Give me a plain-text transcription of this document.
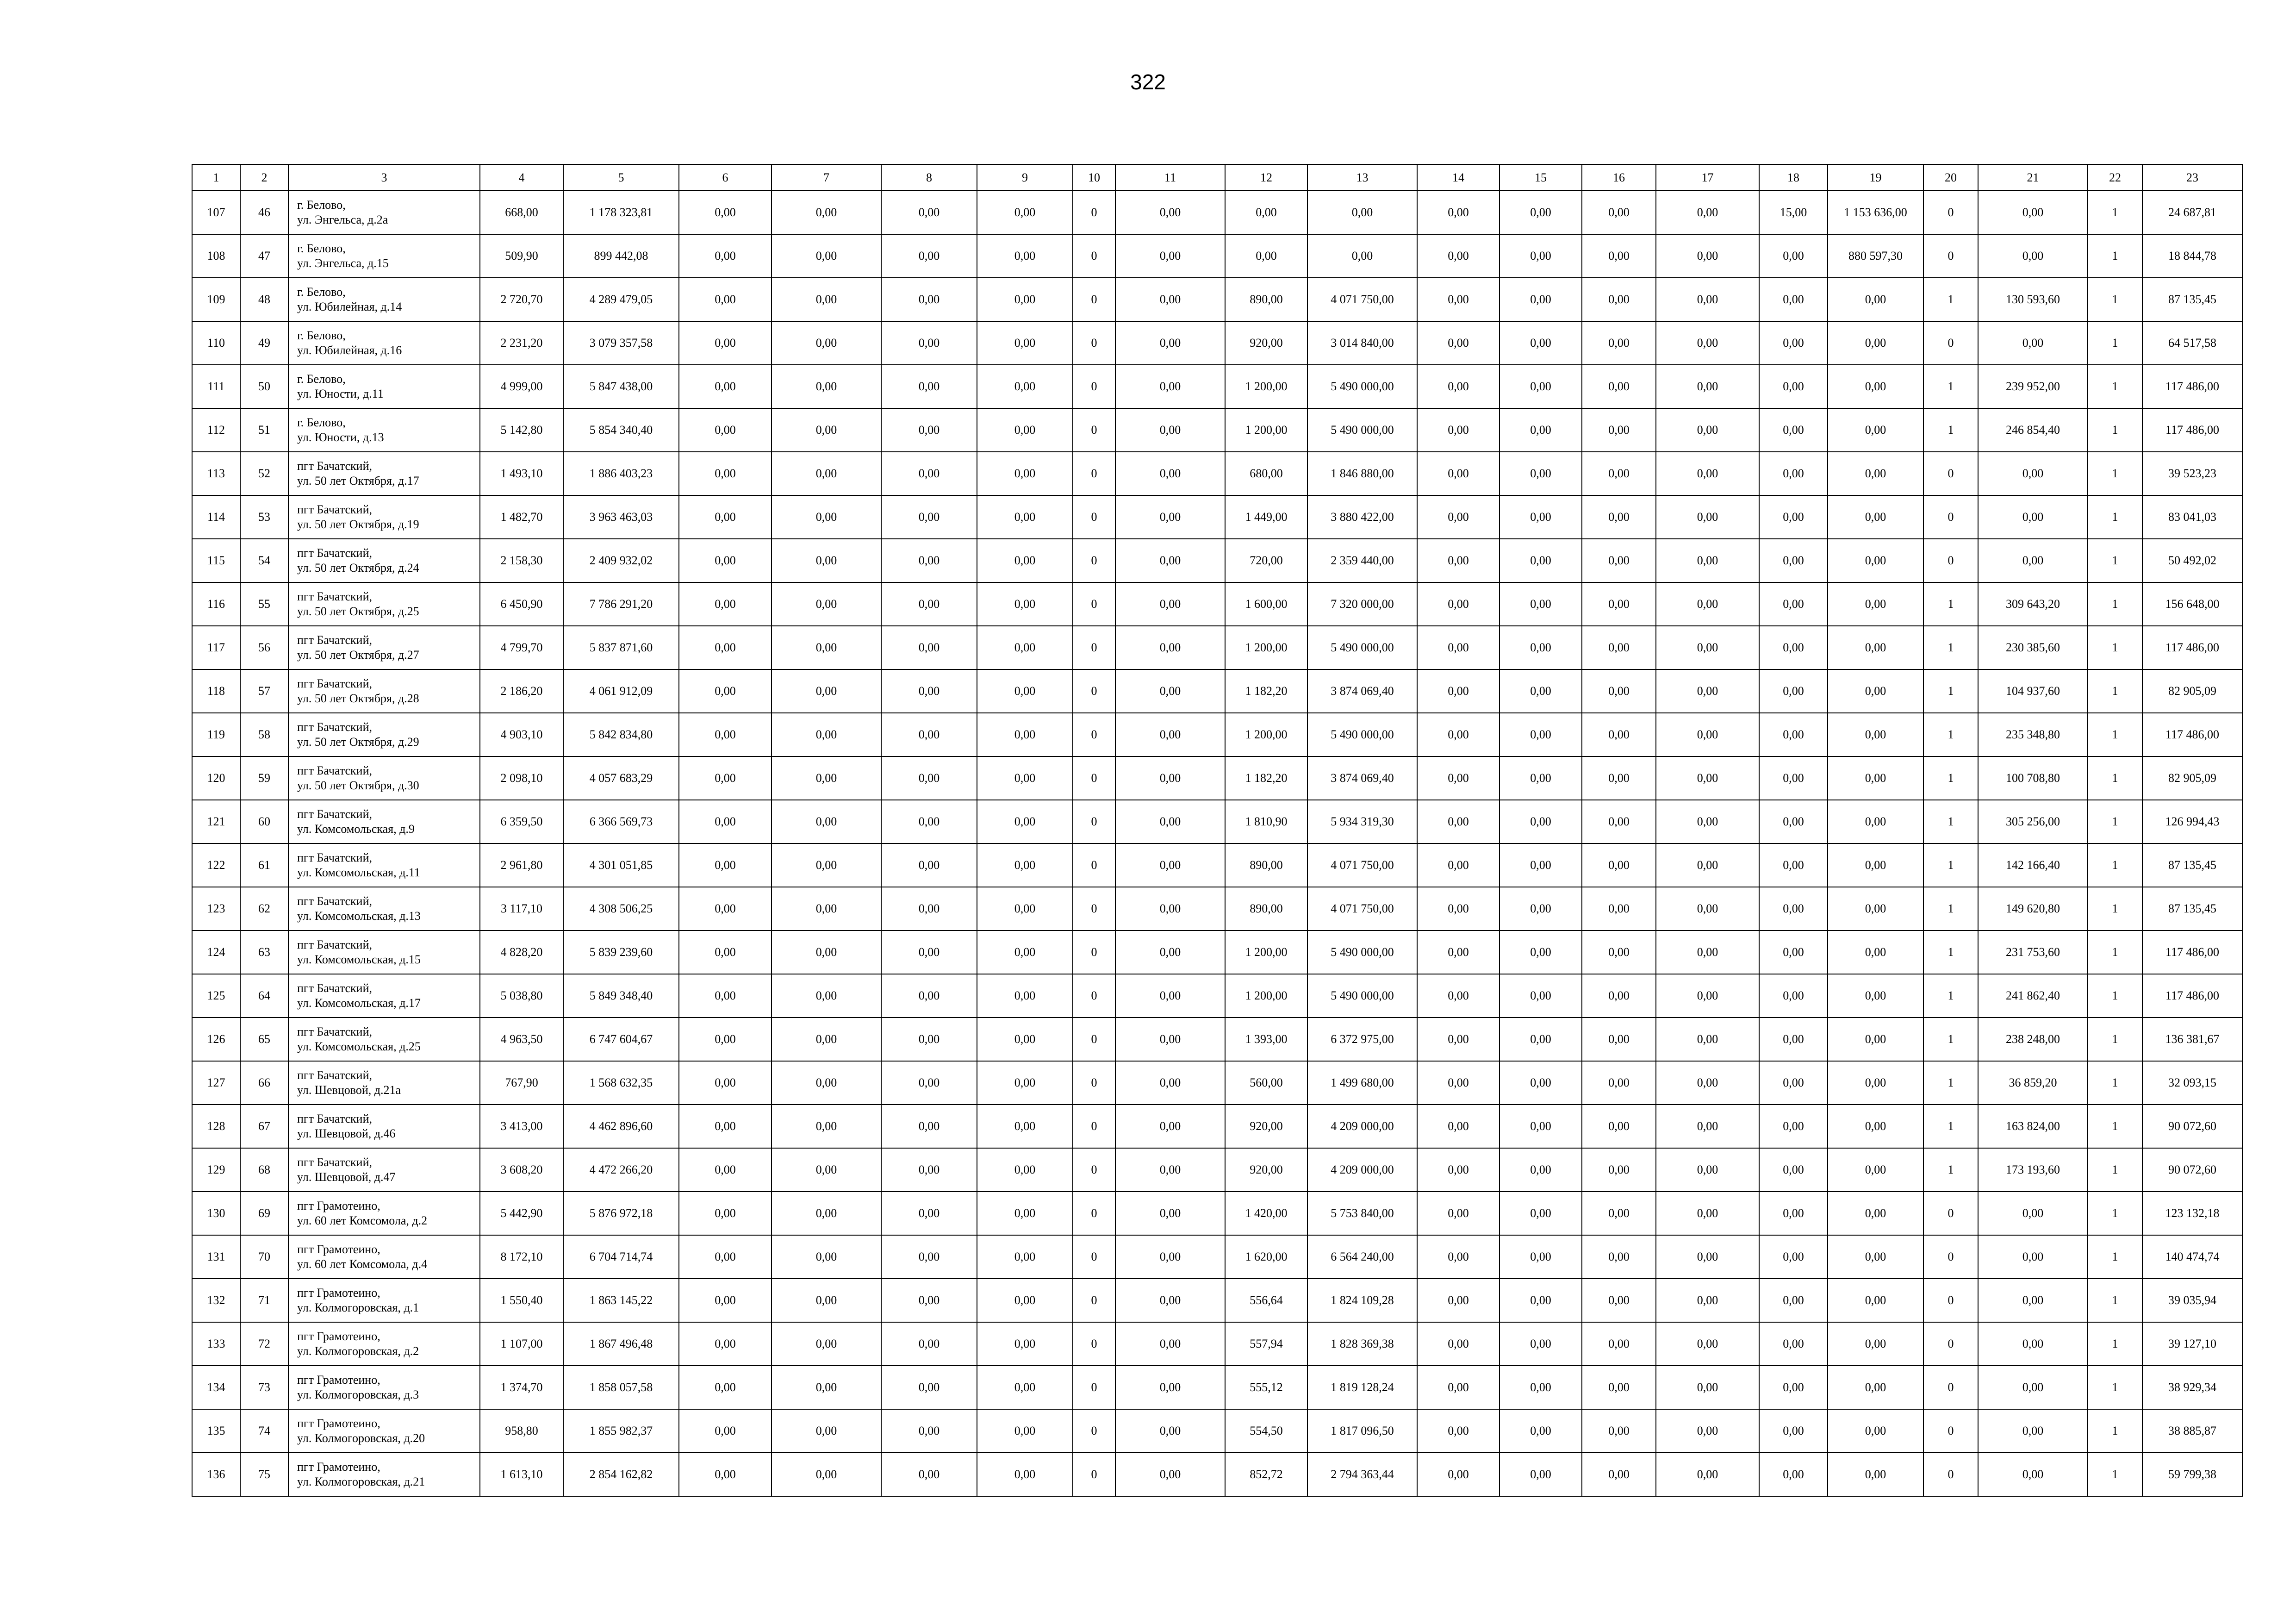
322
1	2	3	4	5	6	7	8	9	10	11	12	13	14	15	16	17	18	19	20	21	22	23
107	46	г. Белово,
ул. Энгельса, д.2а	668,00	1 178 323,81	0,00	0,00	0,00	0,00	0	0,00	0,00	0,00	0,00	0,00	0,00	0,00	15,00	1 153 636,00	0	0,00	1	24 687,81
108	47	г. Белово,
ул. Энгельса, д.15	509,90	899 442,08	0,00	0,00	0,00	0,00	0	0,00	0,00	0,00	0,00	0,00	0,00	0,00	0,00	880 597,30	0	0,00	1	18 844,78
109	48	г. Белово,
ул. Юбилейная, д.14	2 720,70	4 289 479,05	0,00	0,00	0,00	0,00	0	0,00	890,00	4 071 750,00	0,00	0,00	0,00	0,00	0,00	0,00	1	130 593,60	1	87 135,45
110	49	г. Белово,
ул. Юбилейная, д.16	2 231,20	3 079 357,58	0,00	0,00	0,00	0,00	0	0,00	920,00	3 014 840,00	0,00	0,00	0,00	0,00	0,00	0,00	0	0,00	1	64 517,58
111	50	г. Белово,
ул. Юности, д.11	4 999,00	5 847 438,00	0,00	0,00	0,00	0,00	0	0,00	1 200,00	5 490 000,00	0,00	0,00	0,00	0,00	0,00	0,00	1	239 952,00	1	117 486,00
112	51	г. Белово,
ул. Юности, д.13	5 142,80	5 854 340,40	0,00	0,00	0,00	0,00	0	0,00	1 200,00	5 490 000,00	0,00	0,00	0,00	0,00	0,00	0,00	1	246 854,40	1	117 486,00
113	52	пгт Бачатский,
ул. 50 лет Октября, д.17	1 493,10	1 886 403,23	0,00	0,00	0,00	0,00	0	0,00	680,00	1 846 880,00	0,00	0,00	0,00	0,00	0,00	0,00	0	0,00	1	39 523,23
114	53	пгт Бачатский,
ул. 50 лет Октября, д.19	1 482,70	3 963 463,03	0,00	0,00	0,00	0,00	0	0,00	1 449,00	3 880 422,00	0,00	0,00	0,00	0,00	0,00	0,00	0	0,00	1	83 041,03
115	54	пгт Бачатский,
ул. 50 лет Октября, д.24	2 158,30	2 409 932,02	0,00	0,00	0,00	0,00	0	0,00	720,00	2 359 440,00	0,00	0,00	0,00	0,00	0,00	0,00	0	0,00	1	50 492,02
116	55	пгт Бачатский,
ул. 50 лет Октября, д.25	6 450,90	7 786 291,20	0,00	0,00	0,00	0,00	0	0,00	1 600,00	7 320 000,00	0,00	0,00	0,00	0,00	0,00	0,00	1	309 643,20	1	156 648,00
117	56	пгт Бачатский,
ул. 50 лет Октября, д.27	4 799,70	5 837 871,60	0,00	0,00	0,00	0,00	0	0,00	1 200,00	5 490 000,00	0,00	0,00	0,00	0,00	0,00	0,00	1	230 385,60	1	117 486,00
118	57	пгт Бачатский,
ул. 50 лет Октября, д.28	2 186,20	4 061 912,09	0,00	0,00	0,00	0,00	0	0,00	1 182,20	3 874 069,40	0,00	0,00	0,00	0,00	0,00	0,00	1	104 937,60	1	82 905,09
119	58	пгт Бачатский,
ул. 50 лет Октября, д.29	4 903,10	5 842 834,80	0,00	0,00	0,00	0,00	0	0,00	1 200,00	5 490 000,00	0,00	0,00	0,00	0,00	0,00	0,00	1	235 348,80	1	117 486,00
120	59	пгт Бачатский,
ул. 50 лет Октября, д.30	2 098,10	4 057 683,29	0,00	0,00	0,00	0,00	0	0,00	1 182,20	3 874 069,40	0,00	0,00	0,00	0,00	0,00	0,00	1	100 708,80	1	82 905,09
121	60	пгт Бачатский,
ул. Комсомольская, д.9	6 359,50	6 366 569,73	0,00	0,00	0,00	0,00	0	0,00	1 810,90	5 934 319,30	0,00	0,00	0,00	0,00	0,00	0,00	1	305 256,00	1	126 994,43
122	61	пгт Бачатский,
ул. Комсомольская, д.11	2 961,80	4 301 051,85	0,00	0,00	0,00	0,00	0	0,00	890,00	4 071 750,00	0,00	0,00	0,00	0,00	0,00	0,00	1	142 166,40	1	87 135,45
123	62	пгт Бачатский,
ул. Комсомольская, д.13	3 117,10	4 308 506,25	0,00	0,00	0,00	0,00	0	0,00	890,00	4 071 750,00	0,00	0,00	0,00	0,00	0,00	0,00	1	149 620,80	1	87 135,45
124	63	пгт Бачатский,
ул. Комсомольская, д.15	4 828,20	5 839 239,60	0,00	0,00	0,00	0,00	0	0,00	1 200,00	5 490 000,00	0,00	0,00	0,00	0,00	0,00	0,00	1	231 753,60	1	117 486,00
125	64	пгт Бачатский,
ул. Комсомольская, д.17	5 038,80	5 849 348,40	0,00	0,00	0,00	0,00	0	0,00	1 200,00	5 490 000,00	0,00	0,00	0,00	0,00	0,00	0,00	1	241 862,40	1	117 486,00
126	65	пгт Бачатский,
ул. Комсомольская, д.25	4 963,50	6 747 604,67	0,00	0,00	0,00	0,00	0	0,00	1 393,00	6 372 975,00	0,00	0,00	0,00	0,00	0,00	0,00	1	238 248,00	1	136 381,67
127	66	пгт Бачатский,
ул. Шевцовой, д.21а	767,90	1 568 632,35	0,00	0,00	0,00	0,00	0	0,00	560,00	1 499 680,00	0,00	0,00	0,00	0,00	0,00	0,00	1	36 859,20	1	32 093,15
128	67	пгт Бачатский,
ул. Шевцовой, д.46	3 413,00	4 462 896,60	0,00	0,00	0,00	0,00	0	0,00	920,00	4 209 000,00	0,00	0,00	0,00	0,00	0,00	0,00	1	163 824,00	1	90 072,60
129	68	пгт Бачатский,
ул. Шевцовой, д.47	3 608,20	4 472 266,20	0,00	0,00	0,00	0,00	0	0,00	920,00	4 209 000,00	0,00	0,00	0,00	0,00	0,00	0,00	1	173 193,60	1	90 072,60
130	69	пгт Грамотеино,
ул. 60 лет Комсомола, д.2	5 442,90	5 876 972,18	0,00	0,00	0,00	0,00	0	0,00	1 420,00	5 753 840,00	0,00	0,00	0,00	0,00	0,00	0,00	0	0,00	1	123 132,18
131	70	пгт Грамотеино,
ул. 60 лет Комсомола, д.4	8 172,10	6 704 714,74	0,00	0,00	0,00	0,00	0	0,00	1 620,00	6 564 240,00	0,00	0,00	0,00	0,00	0,00	0,00	0	0,00	1	140 474,74
132	71	пгт Грамотеино,
ул. Колмогоровская, д.1	1 550,40	1 863 145,22	0,00	0,00	0,00	0,00	0	0,00	556,64	1 824 109,28	0,00	0,00	0,00	0,00	0,00	0,00	0	0,00	1	39 035,94
133	72	пгт Грамотеино,
ул. Колмогоровская, д.2	1 107,00	1 867 496,48	0,00	0,00	0,00	0,00	0	0,00	557,94	1 828 369,38	0,00	0,00	0,00	0,00	0,00	0,00	0	0,00	1	39 127,10
134	73	пгт Грамотеино,
ул. Колмогоровская, д.3	1 374,70	1 858 057,58	0,00	0,00	0,00	0,00	0	0,00	555,12	1 819 128,24	0,00	0,00	0,00	0,00	0,00	0,00	0	0,00	1	38 929,34
135	74	пгт Грамотеино,
ул. Колмогоровская, д.20	958,80	1 855 982,37	0,00	0,00	0,00	0,00	0	0,00	554,50	1 817 096,50	0,00	0,00	0,00	0,00	0,00	0,00	0	0,00	1	38 885,87
136	75	пгт Грамотеино,
ул. Колмогоровская, д.21	1 613,10	2 854 162,82	0,00	0,00	0,00	0,00	0	0,00	852,72	2 794 363,44	0,00	0,00	0,00	0,00	0,00	0,00	0	0,00	1	59 799,38
